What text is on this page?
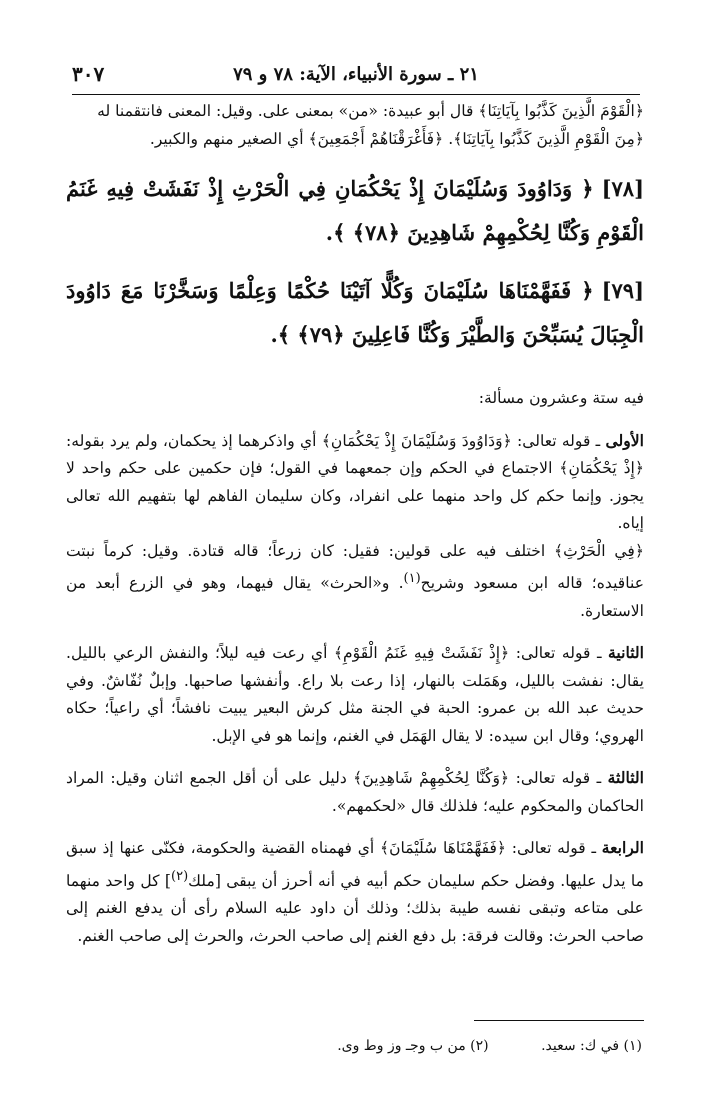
٢١ ـ سورة الأنبياء، الآية: ٧٨ و ٧٩
٣٠٧

﴿الْقَوْمَ الَّذِينَ كَذَّبُوا بِآيَاتِنَا﴾ قال أبو عبيدة: «من» بمعنى على. وقيل: المعنى فانتقمنا له

﴿مِنَ الْقَوْمِ الَّذِينَ كَذَّبُوا بِآيَاتِنَا﴾. ﴿فَأَغْرَقْنَاهُمْ أَجْمَعِينَ﴾ أي الصغير منهم والكبير.

[٧٨]﴿ وَدَاوُودَ وَسُلَيْمَانَ إِذْ يَحْكُمَانِ فِي الْحَرْثِ إِذْ نَفَشَتْ فِيهِ غَنَمُ الْقَوْمِ وَكُنَّا لِحُكْمِهِمْ شَاهِدِينَ ﴿٧٨﴾ ﴾.

[٧٩]﴿ فَفَهَّمْنَاهَا سُلَيْمَانَ وَكُلًّا آتَيْنَا حُكْمًا وَعِلْمًا وَسَخَّرْنَا مَعَ دَاوُودَ الْجِبَالَ يُسَبِّحْنَ وَالطَّيْرَ وَكُنَّا فَاعِلِينَ ﴿٧٩﴾ ﴾.

فيه ستة وعشرون مسألة:

الأولى ـ قوله تعالى: ﴿وَدَاوُودَ وَسُلَيْمَانَ إِذْ يَحْكُمَانِ﴾ أي واذكرهما إذ يحكمان، ولم يرد بقوله: ﴿إِذْ يَحْكُمَانِ﴾ الاجتماع في الحكم وإن جمعهما في القول؛ فإن حكمين على حكم واحد لا يجوز. وإنما حكم كل واحد منهما على انفراد، وكان سليمان الفاهم لها بتفهيم الله تعالى إياه.

﴿فِي الْحَرْثِ﴾ اختلف فيه على قولين: فقيل: كان زرعاً؛ قاله قتادة. وقيل: كرماً نبتت عناقيده؛ قاله ابن مسعود وشريح$^{(١)}$. و«الحرث» يقال فيهما، وهو في الزرع أبعد من الاستعارة.

الثانية ـ قوله تعالى: ﴿إِذْ نَفَشَتْ فِيهِ غَنَمُ الْقَوْمِ﴾ أي رعت فيه ليلاً؛ والنفش الرعي بالليل. يقال: نفشت بالليل، وهَمَلت بالنهار، إذا رعت بلا راع. وأنفشها صاحبها. وإبلٌ نُفّاشٌ. وفي حديث عبد الله بن عمرو: الحبة في الجنة مثل كرش البعير يبيت نافشاً؛ أي راعياً؛ حكاه الهروي؛ وقال ابن سيده: لا يقال الهَمَل في الغنم، وإنما هو في الإبل.

الثالثة ـ قوله تعالى: ﴿وَكُنَّا لِحُكْمِهِمْ شَاهِدِينَ﴾ دليل على أن أقل الجمع اثنان وقيل: المراد الحاكمان والمحكوم عليه؛ فلذلك قال «لحكمهم».

الرابعة ـ قوله تعالى: ﴿فَفَهَّمْنَاهَا سُلَيْمَانَ﴾ أي فهمناه القضية والحكومة، فكنّى عنها إذ سبق ما يدل عليها. وفضل حكم سليمان حكم أبيه في أنه أحرز أن يبقى [ملك$^{(٢)}$] كل واحد منهما على متاعه وتبقى نفسه طيبة بذلك؛ وذلك أن داود عليه السلام رأى أن يدفع الغنم إلى صاحب الحرث: وقالت فرقة: بل دفع الغنم إلى صاحب الحرث، والحرث إلى صاحب الغنم.

(١) في ك: سعيد. (٢) من ب وجـ وز وط وى.
